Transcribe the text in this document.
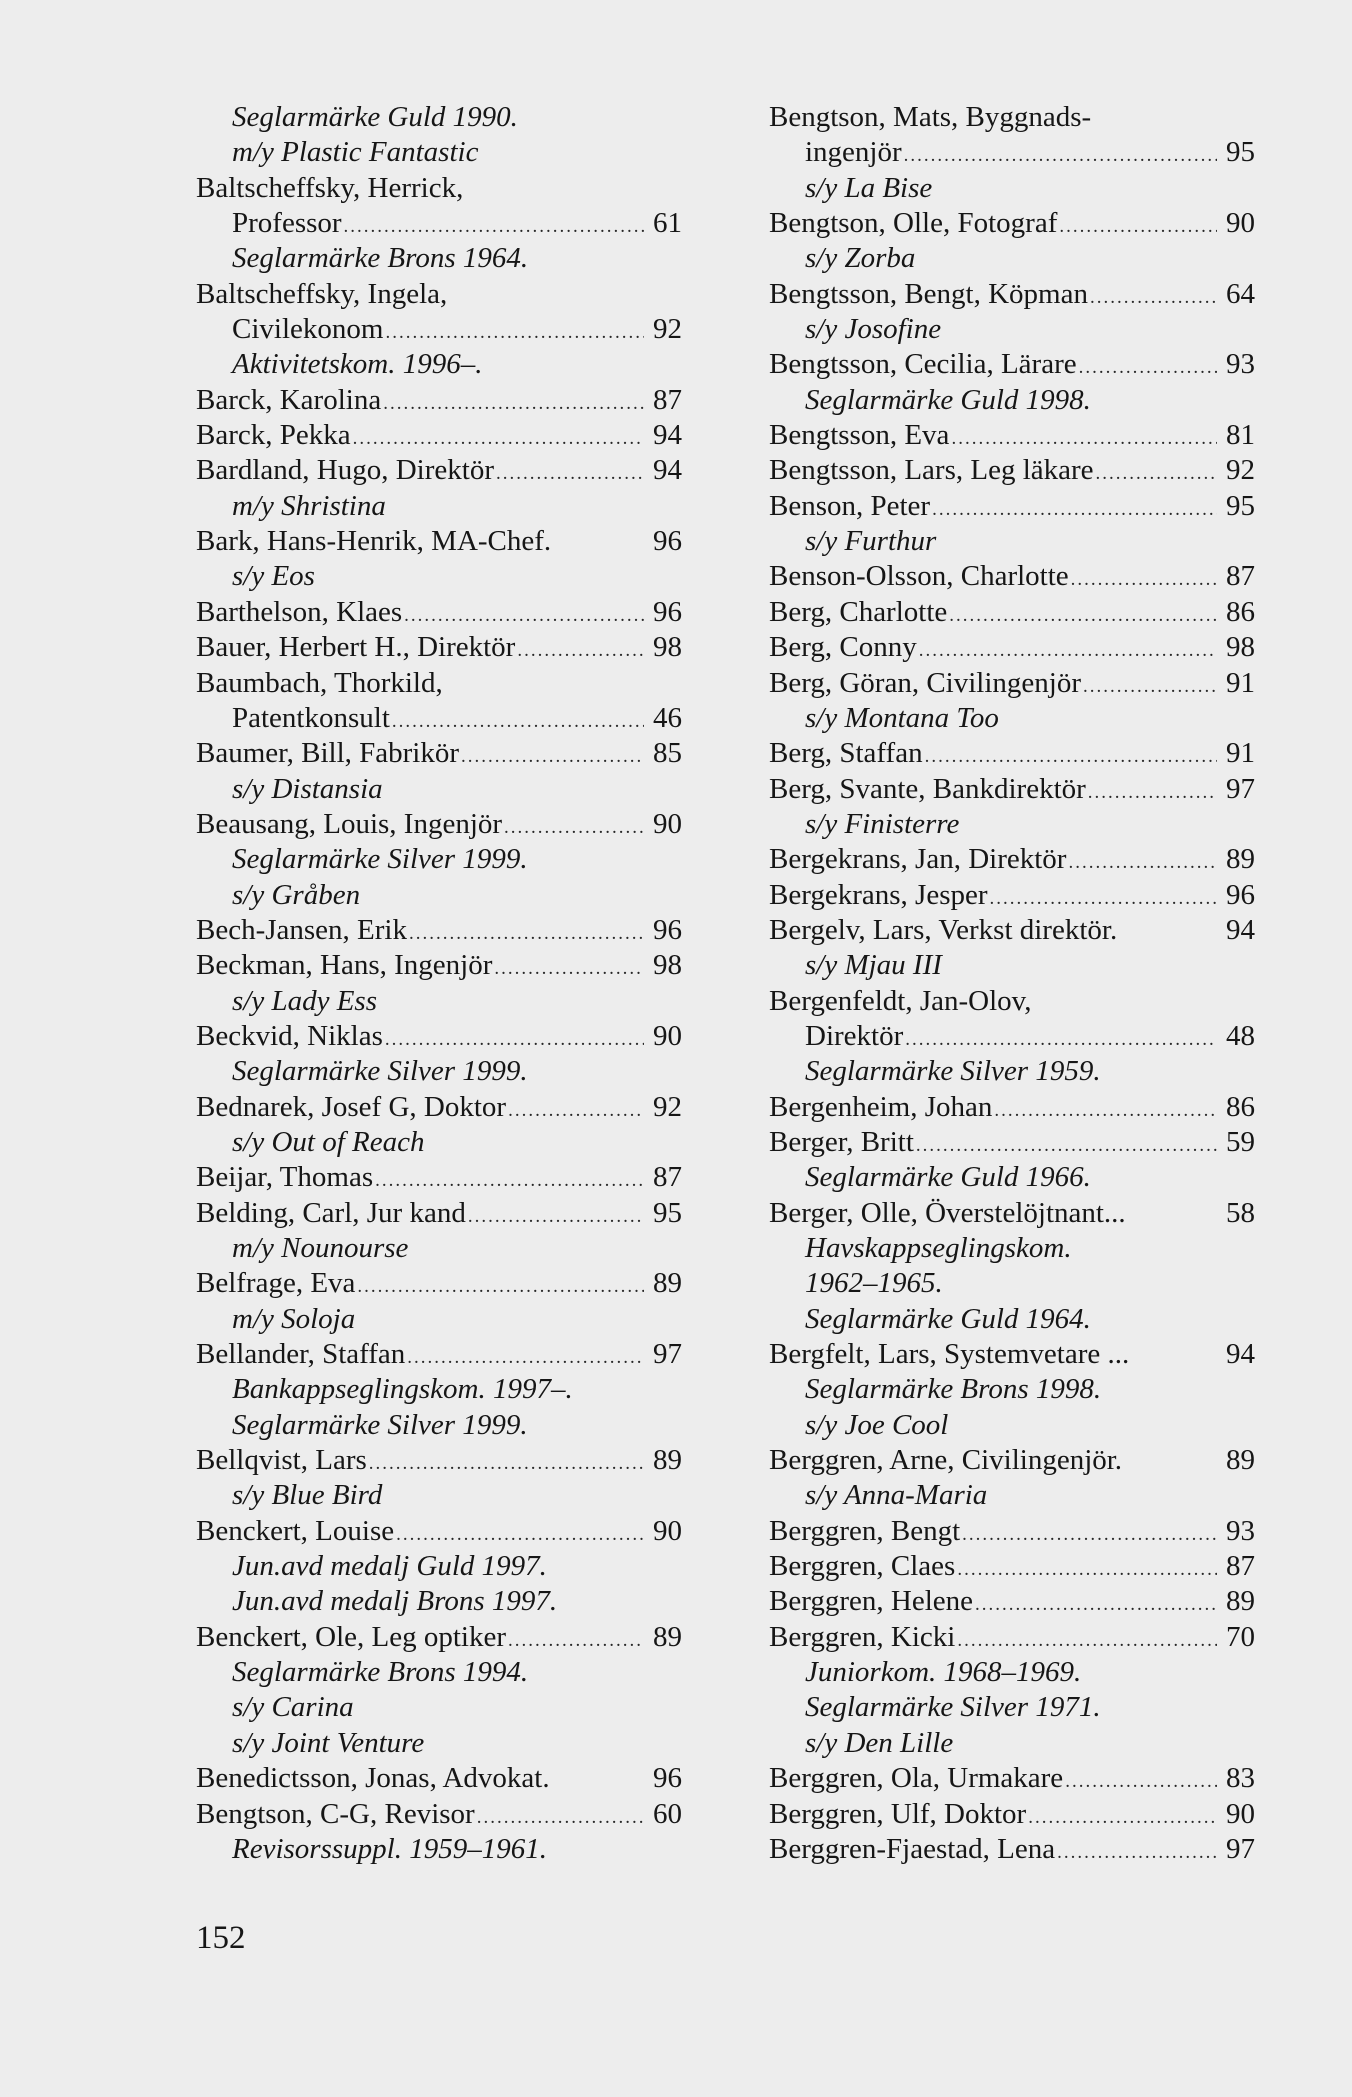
Seglarmärke Guld 1990.
m/y Plastic Fantastic
Baltscheffsky, Herrick,
Professor .....	61
Seglarmärke Brons 1964.
Baltscheffsky, Ingela,
Civilekonom .....	92
Aktivitetskom. 1996–.
Barck, Karolina .....	87
Barck, Pekka .....	94
Bardland, Hugo, Direktör .....	94
m/y Shristina
Bark, Hans-Henrik, MA-Chef.	96
s/y Eos
Barthelson, Klaes .....	96
Bauer, Herbert H., Direktör .....	98
Baumbach, Thorkild,
Patentkonsult .....	46
Baumer, Bill, Fabrikör .....	85
s/y Distansia
Beausang, Louis, Ingenjör .....	90
Seglarmärke Silver 1999.
s/y Gråben
Bech-Jansen, Erik .....	96
Beckman, Hans, Ingenjör .....	98
s/y Lady Ess
Beckvid, Niklas .....	90
Seglarmärke Silver 1999.
Bednarek, Josef G, Doktor .....	92
s/y Out of Reach
Beijar, Thomas .....	87
Belding, Carl, Jur kand .....	95
m/y Nounourse
Belfrage, Eva .....	89
m/y Soloja
Bellander, Staffan .....	97
Bankappseglingskom. 1997–.
Seglarmärke Silver 1999.
Bellqvist, Lars .....	89
s/y Blue Bird
Benckert, Louise .....	90
Jun.avd medalj Guld 1997.
Jun.avd medalj Brons 1997.
Benckert, Ole, Leg optiker .....	89
Seglarmärke Brons 1994.
s/y Carina
s/y Joint Venture
Benedictsson, Jonas, Advokat.	96
Bengtson, C-G, Revisor .....	60
Revisorssuppl. 1959–1961.
Bengtson, Mats, Byggnads-
ingenjör .....	95
s/y La Bise
Bengtson, Olle, Fotograf .....	90
s/y Zorba
Bengtsson, Bengt, Köpman .....	64
s/y Josofine
Bengtsson, Cecilia, Lärare .....	93
Seglarmärke Guld 1998.
Bengtsson, Eva .....	81
Bengtsson, Lars, Leg läkare .....	92
Benson, Peter .....	95
s/y Furthur
Benson-Olsson, Charlotte .....	87
Berg, Charlotte .....	86
Berg, Conny .....	98
Berg, Göran, Civilingenjör .....	91
s/y Montana Too
Berg, Staffan .....	91
Berg, Svante, Bankdirektör .....	97
s/y Finisterre
Bergekrans, Jan, Direktör .....	89
Bergekrans, Jesper .....	96
Bergelv, Lars, Verkst direktör.	94
s/y Mjau III
Bergenfeldt, Jan-Olov,
Direktör .....	48
Seglarmärke Silver 1959.
Bergenheim, Johan .....	86
Berger, Britt .....	59
Seglarmärke Guld 1966.
Berger, Olle, Överstelöjtnant...	58
Havskappseglingskom.
1962–1965.
Seglarmärke Guld 1964.
Bergfelt, Lars, Systemvetare ...	94
Seglarmärke Brons 1998.
s/y Joe Cool
Berggren, Arne, Civilingenjör.	89
s/y Anna-Maria
Berggren, Bengt .....	93
Berggren, Claes .....	87
Berggren, Helene .....	89
Berggren, Kicki .....	70
Juniorkom. 1968–1969.
Seglarmärke Silver 1971.
s/y Den Lille
Berggren, Ola, Urmakare .....	83
Berggren, Ulf, Doktor .....	90
Berggren-Fjaestad, Lena .....	97
152
